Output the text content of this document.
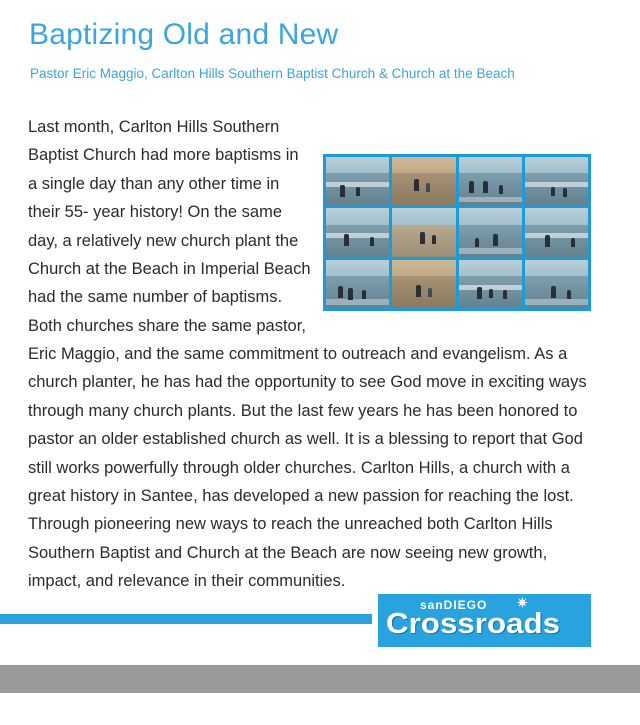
Baptizing Old and New
Pastor Eric Maggio, Carlton Hills Southern Baptist Church & Church at the Beach

Last month, Carlton Hills Southern Baptist Church had more baptisms in a single day than any other time in their 55- year history! On the same day, a relatively new church plant the Church at the Beach in Imperial Beach had the same number of baptisms. Both churches share the same pastor, Eric Maggio, and the same commitment to outreach and evangelism. As a church planter, he has had the opportunity to see God move in exciting ways through many church plants. But the last few years he has been honored to pastor an older established church as well. It is a blessing to report that God still works powerfully through older churches. Carlton Hills, a church with a great history in Santee, has developed a new passion for reaching the lost. Through pioneering new ways to reach the unreached both Carlton Hills Southern Baptist and Church at the Beach are now seeing new growth, impact, and relevance in their communities.

sanDIEGO ✷
Crossroads
